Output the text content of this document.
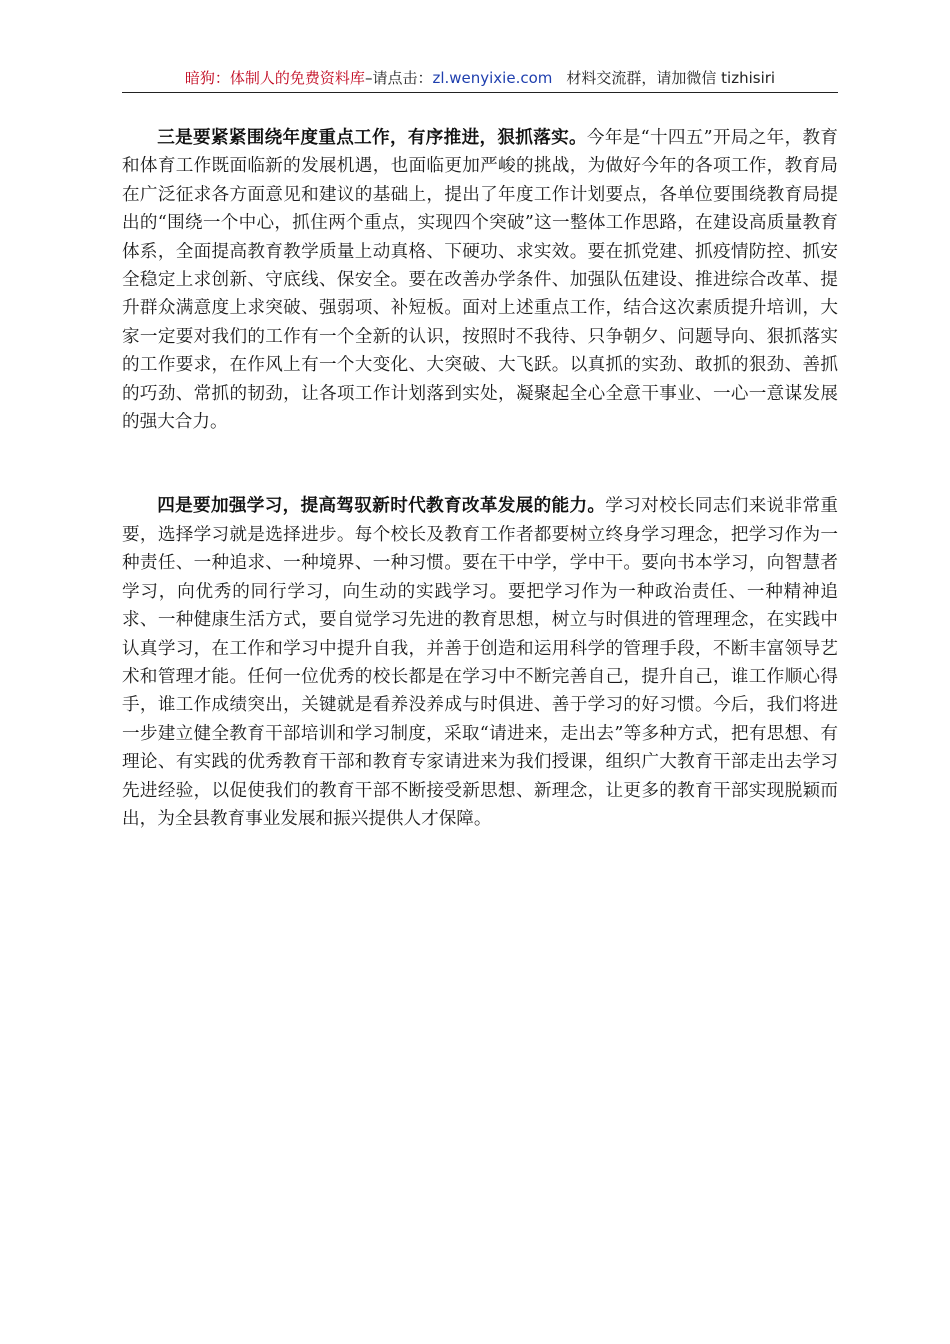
暗狗：体制人的免费资料库–请点击：zl.wenyixie.com 材料交流群，请加微信 tizhisiri

三是要紧紧围绕年度重点工作，有序推进，狠抓落实。今年是“十四五”开局之年，教育和体育工作既面临新的发展机遇，也面临更加严峻的挑战，为做好今年的各项工作，教育局在广泛征求各方面意见和建议的基础上，提出了年度工作计划要点，各单位要围绕教育局提出的“围绕一个中心，抓住两个重点，实现四个突破”这一整体工作思路，在建设高质量教育体系，全面提高教育教学质量上动真格、下硬功、求实效。要在抓党建、抓疫情防控、抓安全稳定上求创新、守底线、保安全。要在改善办学条件、加强队伍建设、推进综合改革、提升群众满意度上求突破、强弱项、补短板。面对上述重点工作，结合这次素质提升培训，大家一定要对我们的工作有一个全新的认识，按照时不我待、只争朝夕、问题导向、狠抓落实的工作要求，在作风上有一个大变化、大突破、大飞跃。以真抓的实劲、敢抓的狠劲、善抓的巧劲、常抓的韧劲，让各项工作计划落到实处，凝聚起全心全意干事业、一心一意谋发展的强大合力。

四是要加强学习，提高驾驭新时代教育改革发展的能力。学习对校长同志们来说非常重要，选择学习就是选择进步。每个校长及教育工作者都要树立终身学习理念，把学习作为一种责任、一种追求、一种境界、一种习惯。要在干中学，学中干。要向书本学习，向智慧者学习，向优秀的同行学习，向生动的实践学习。要把学习作为一种政治责任、一种精神追求、一种健康生活方式，要自觉学习先进的教育思想，树立与时俱进的管理理念，在实践中认真学习，在工作和学习中提升自我，并善于创造和运用科学的管理手段，不断丰富领导艺术和管理才能。任何一位优秀的校长都是在学习中不断完善自己，提升自己，谁工作顺心得手，谁工作成绩突出，关键就是看养没养成与时俱进、善于学习的好习惯。今后，我们将进一步建立健全教育干部培训和学习制度，采取“请进来，走出去”等多种方式，把有思想、有理论、有实践的优秀教育干部和教育专家请进来为我们授课，组织广大教育干部走出去学习先进经验，以促使我们的教育干部不断接受新思想、新理念，让更多的教育干部实现脱颖而出，为全县教育事业发展和振兴提供人才保障。
